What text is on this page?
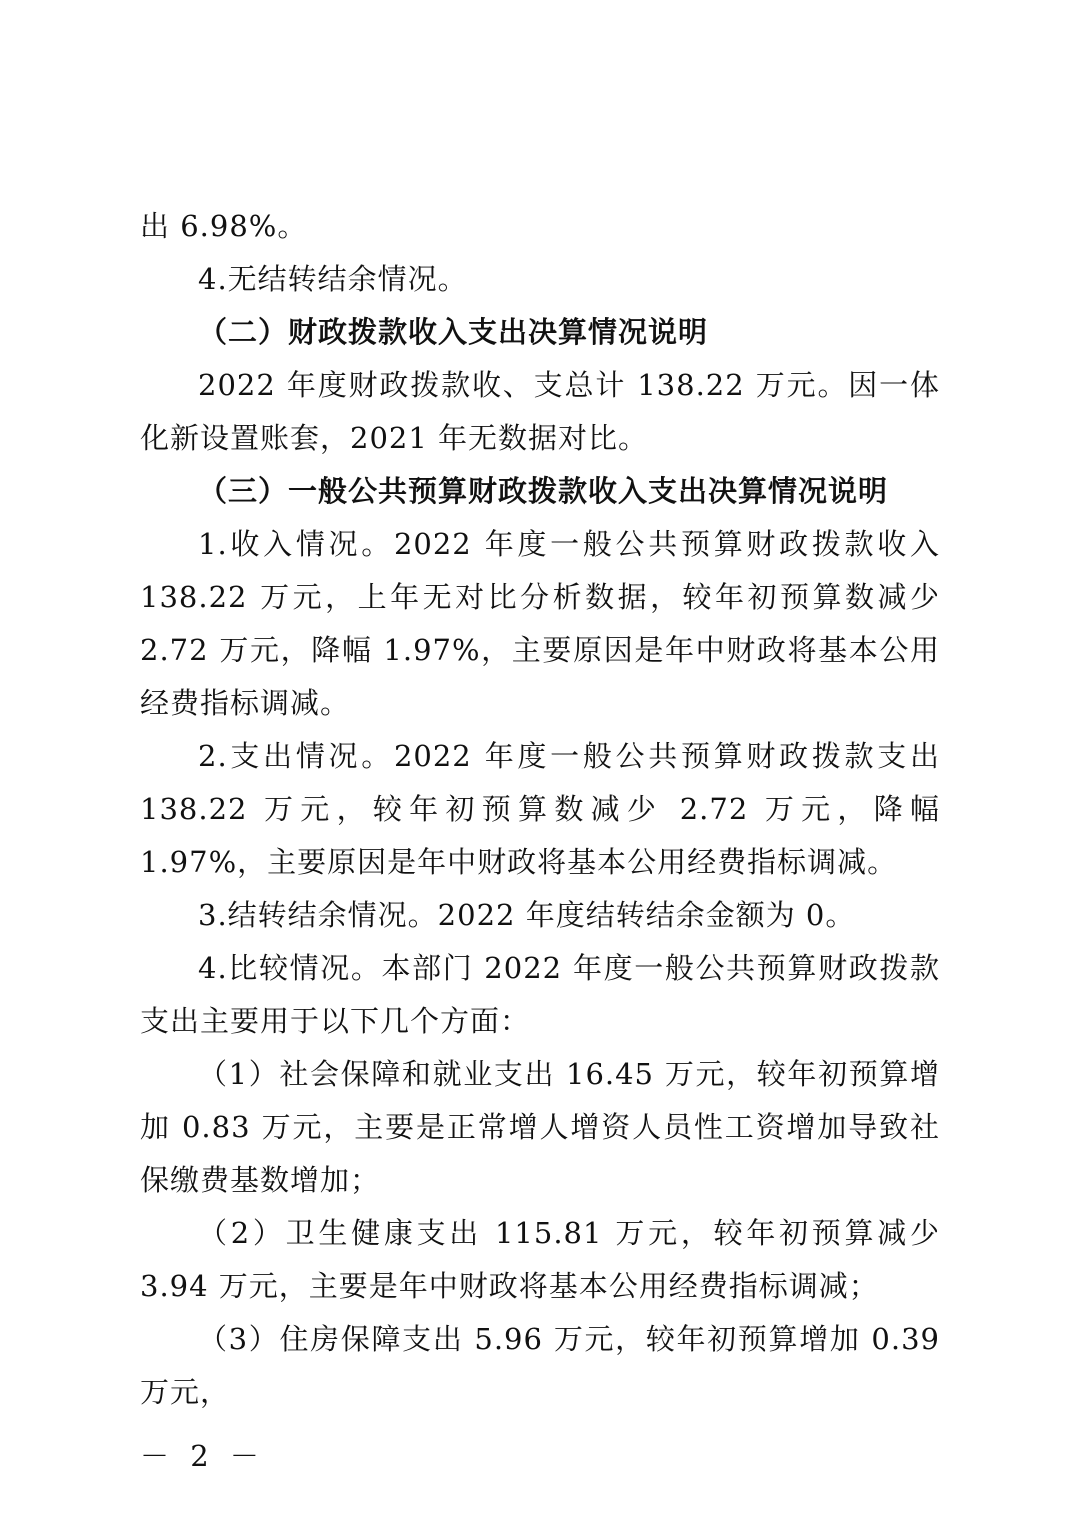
出 6.98%。

4.无结转结余情况。

（二）财政拨款收入支出决算情况说明

2022 年度财政拨款收、支总计 138.22 万元。因一体化新设置账套，2021 年无数据对比。

（三）一般公共预算财政拨款收入支出决算情况说明

1.收入情况。2022 年度一般公共预算财政拨款收入 138.22 万元，上年无对比分析数据，较年初预算数减少 2.72 万元，降幅 1.97%，主要原因是年中财政将基本公用经费指标调减。

2.支出情况。2022 年度一般公共预算财政拨款支出 138.22 万元，较年初预算数减少 2.72 万元，降幅 1.97%，主要原因是年中财政将基本公用经费指标调减。

3.结转结余情况。2022 年度结转结余金额为 0。

4.比较情况。本部门 2022 年度一般公共预算财政拨款支出主要用于以下几个方面：

（1）社会保障和就业支出 16.45 万元，较年初预算增加 0.83 万元，主要是正常增人增资人员性工资增加导致社保缴费基数增加；

（2）卫生健康支出 115.81 万元，较年初预算减少 3.94 万元，主要是年中财政将基本公用经费指标调减；

（3）住房保障支出 5.96 万元，较年初预算增加 0.39 万元，

－ 2 －
